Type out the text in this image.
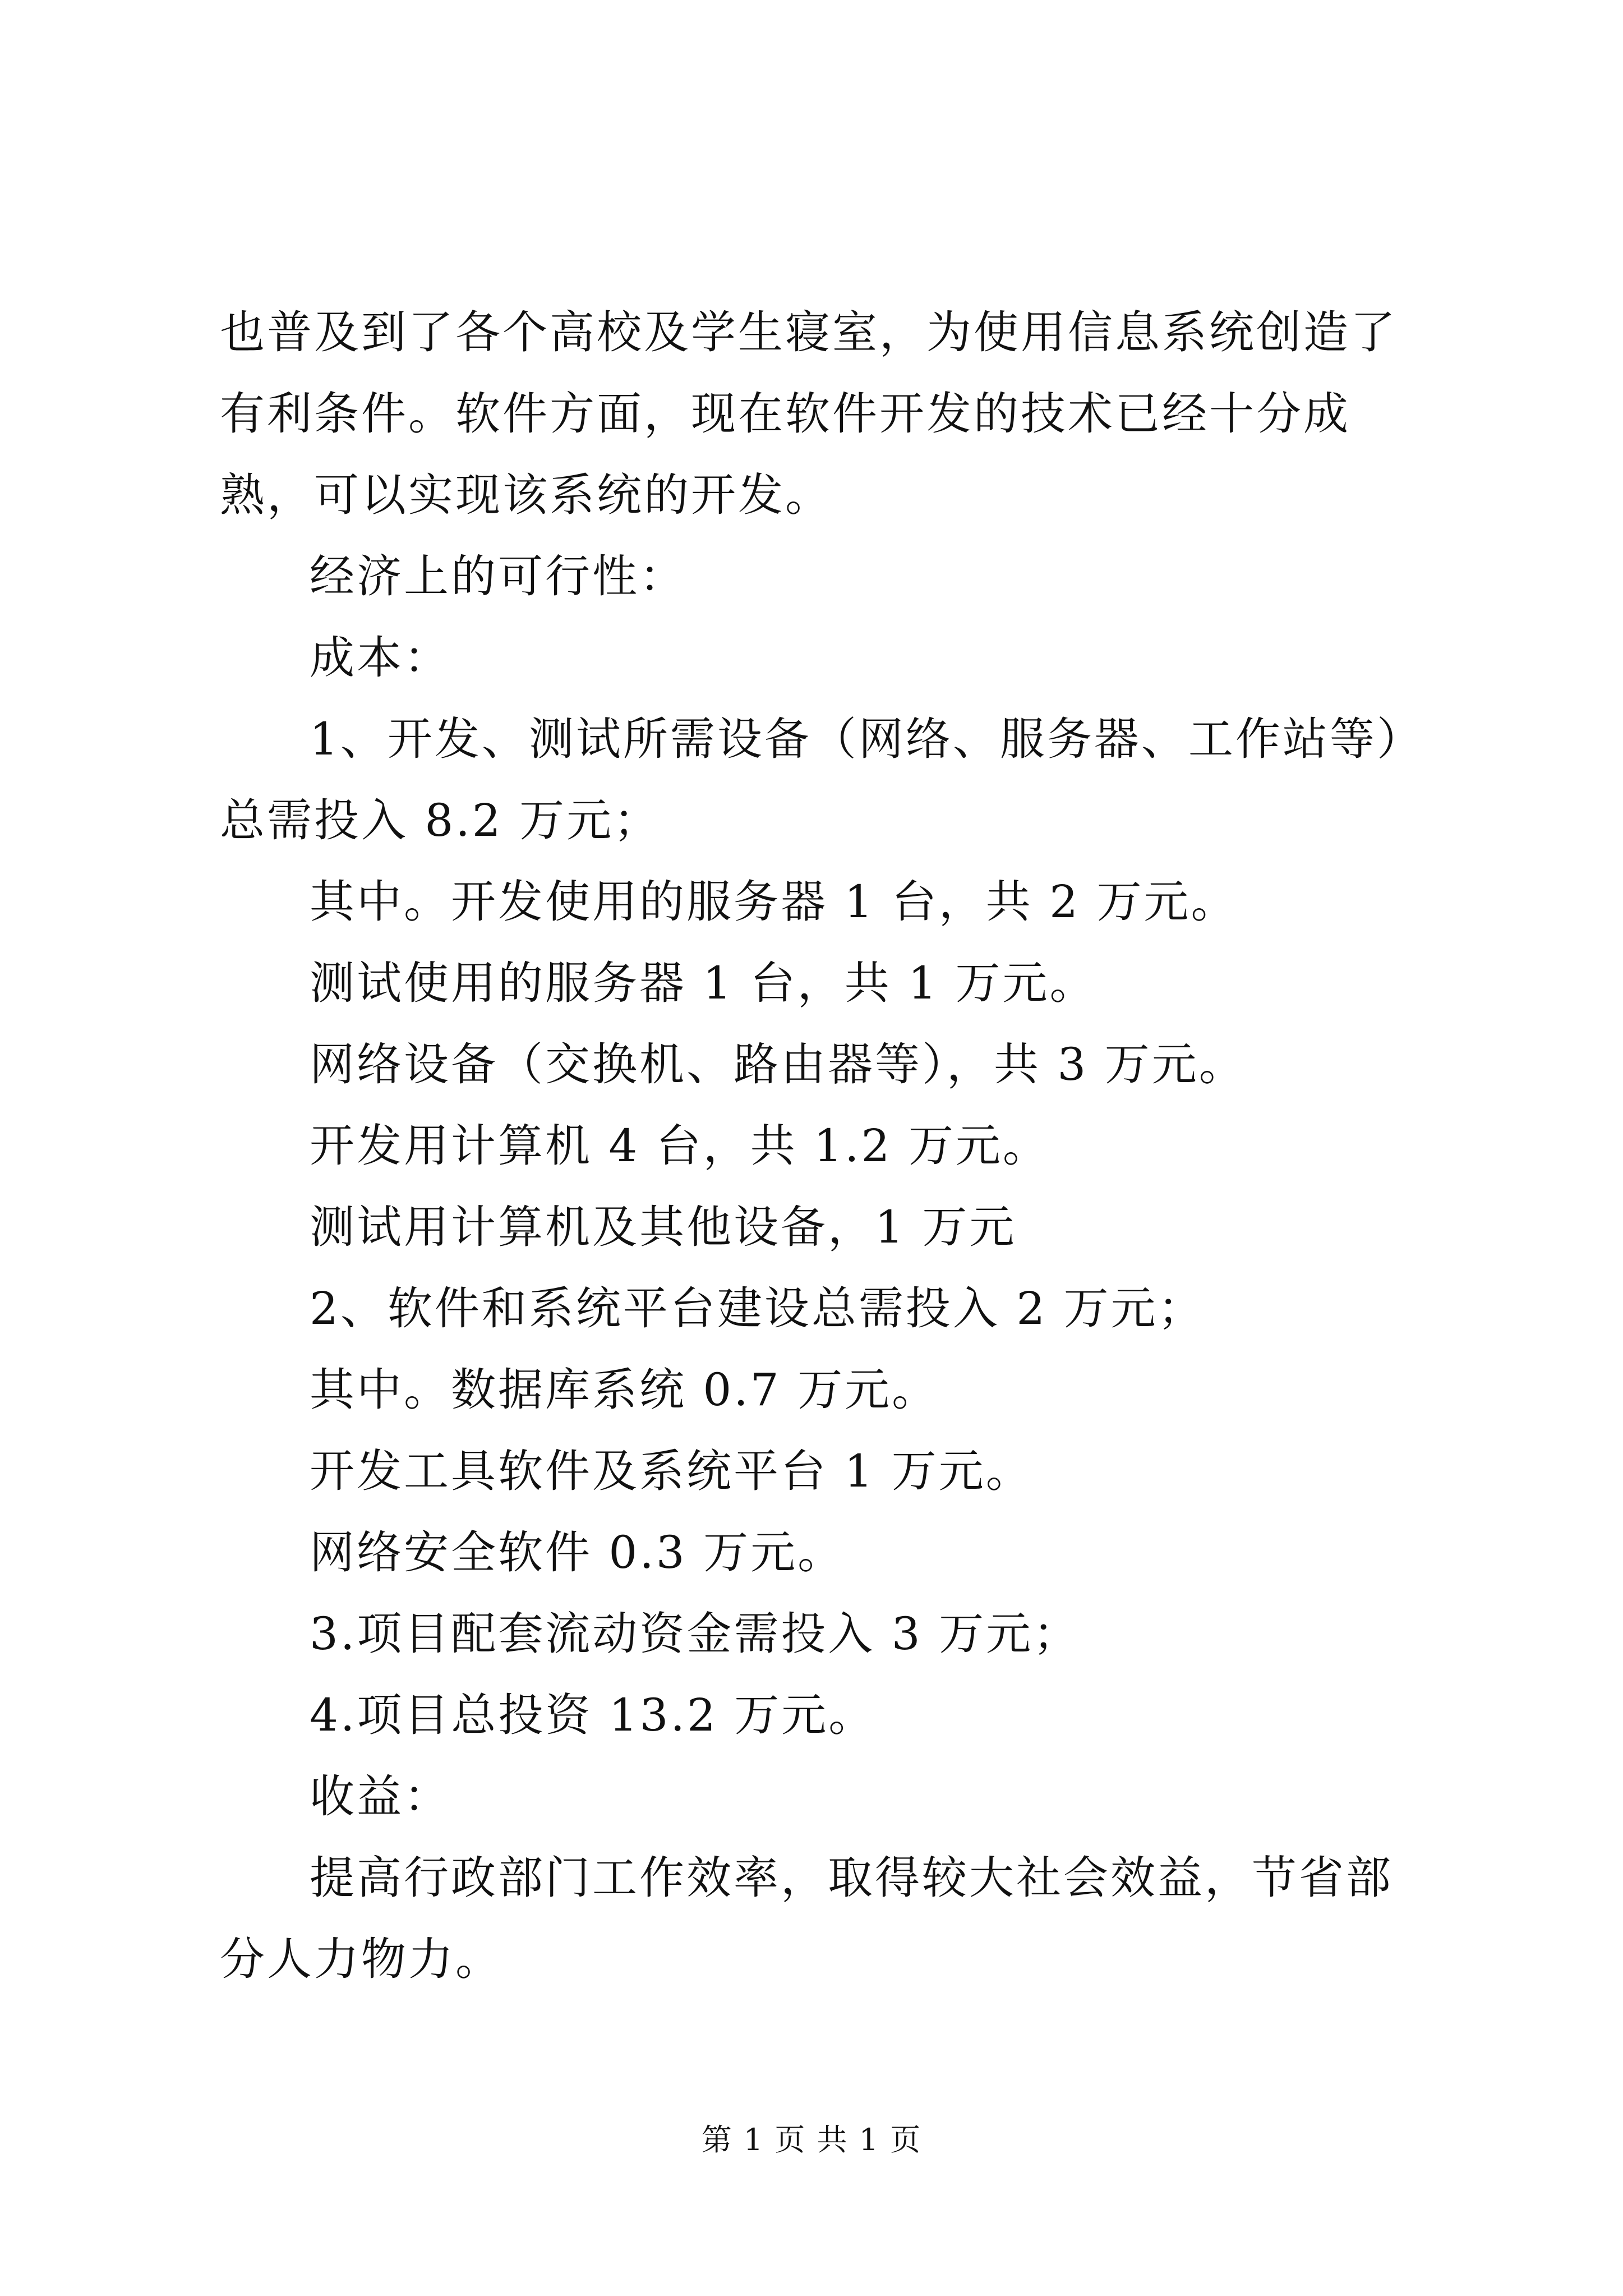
也普及到了各个高校及学生寝室，为使用信息系统创造了有利条件。软件方面，现在软件开发的技术已经十分成熟，可以实现该系统的开发。

经济上的可行性：

成本：

1、开发、测试所需设备（网络、服务器、工作站等）总需投入 8.2 万元；

其中。开发使用的服务器 1 台，共 2 万元。

测试使用的服务器 1 台，共 1 万元。

网络设备（交换机、路由器等），共 3 万元。

开发用计算机 4 台，共 1.2 万元。

测试用计算机及其他设备，1 万元

2、软件和系统平台建设总需投入 2 万元；

其中。数据库系统 0.7 万元。

开发工具软件及系统平台 1 万元。

网络安全软件 0.3 万元。

3.项目配套流动资金需投入 3 万元；

4.项目总投资 13.2 万元。

收益：

提高行政部门工作效率，取得较大社会效益，节省部分人力物力。

第 1 页 共 1 页
